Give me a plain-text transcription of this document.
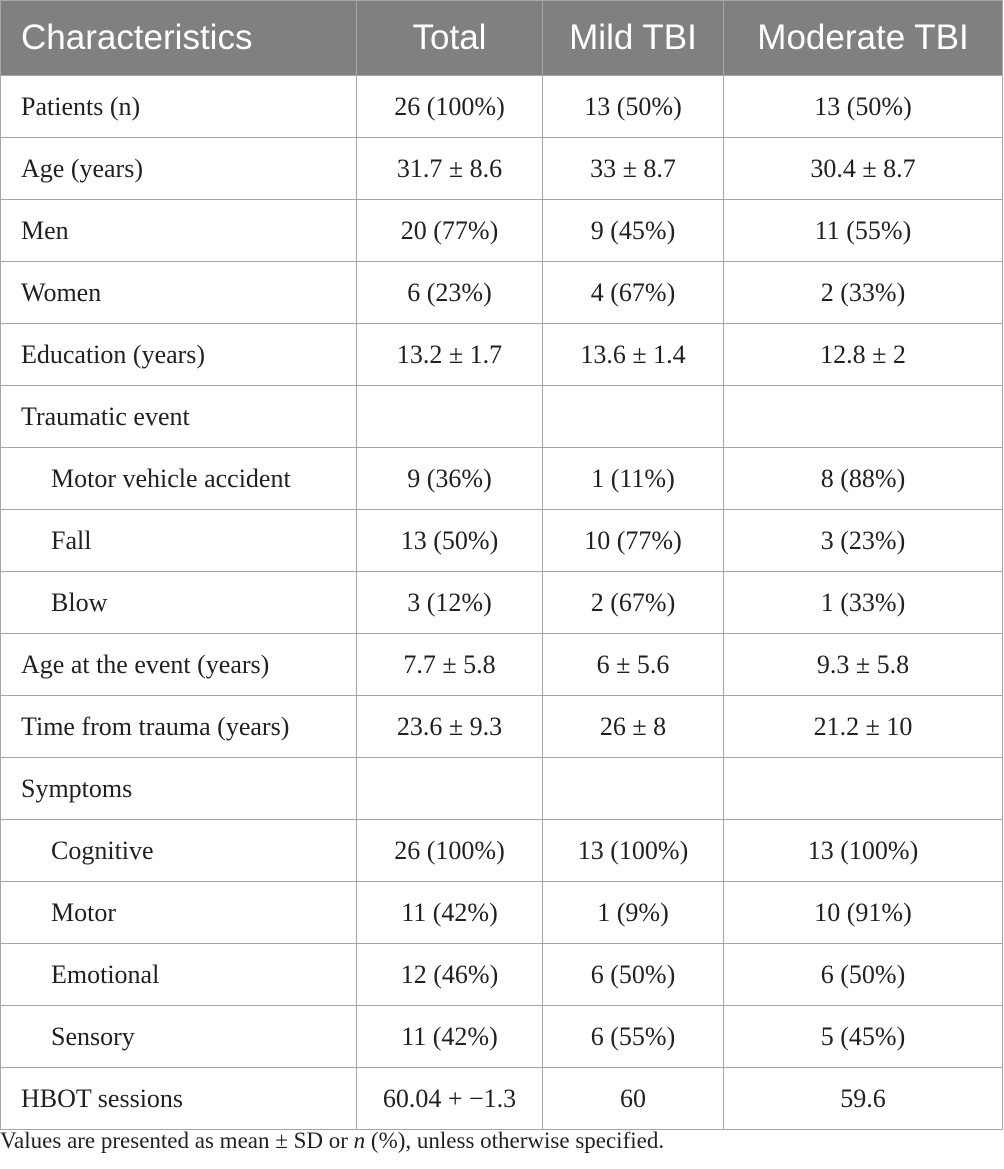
Characteristics	Total	Mild TBI	Moderate TBI
Patients (n)	26 (100%)	13 (50%)	13 (50%)
Age (years)	31.7 ± 8.6	33 ± 8.7	30.4 ± 8.7
Men	20 (77%)	9 (45%)	11 (55%)
Women	6 (23%)	4 (67%)	2 (33%)
Education (years)	13.2 ± 1.7	13.6 ± 1.4	12.8 ± 2
Traumatic event			
Motor vehicle accident	9 (36%)	1 (11%)	8 (88%)
Fall	13 (50%)	10 (77%)	3 (23%)
Blow	3 (12%)	2 (67%)	1 (33%)
Age at the event (years)	7.7 ± 5.8	6 ± 5.6	9.3 ± 5.8
Time from trauma (years)	23.6 ± 9.3	26 ± 8	21.2 ± 10
Symptoms			
Cognitive	26 (100%)	13 (100%)	13 (100%)
Motor	11 (42%)	1 (9%)	10 (91%)
Emotional	12 (46%)	6 (50%)	6 (50%)
Sensory	11 (42%)	6 (55%)	5 (45%)
HBOT sessions	60.04 + −1.3	60	59.6
Values are presented as mean ± SD or n (%), unless otherwise specified.
